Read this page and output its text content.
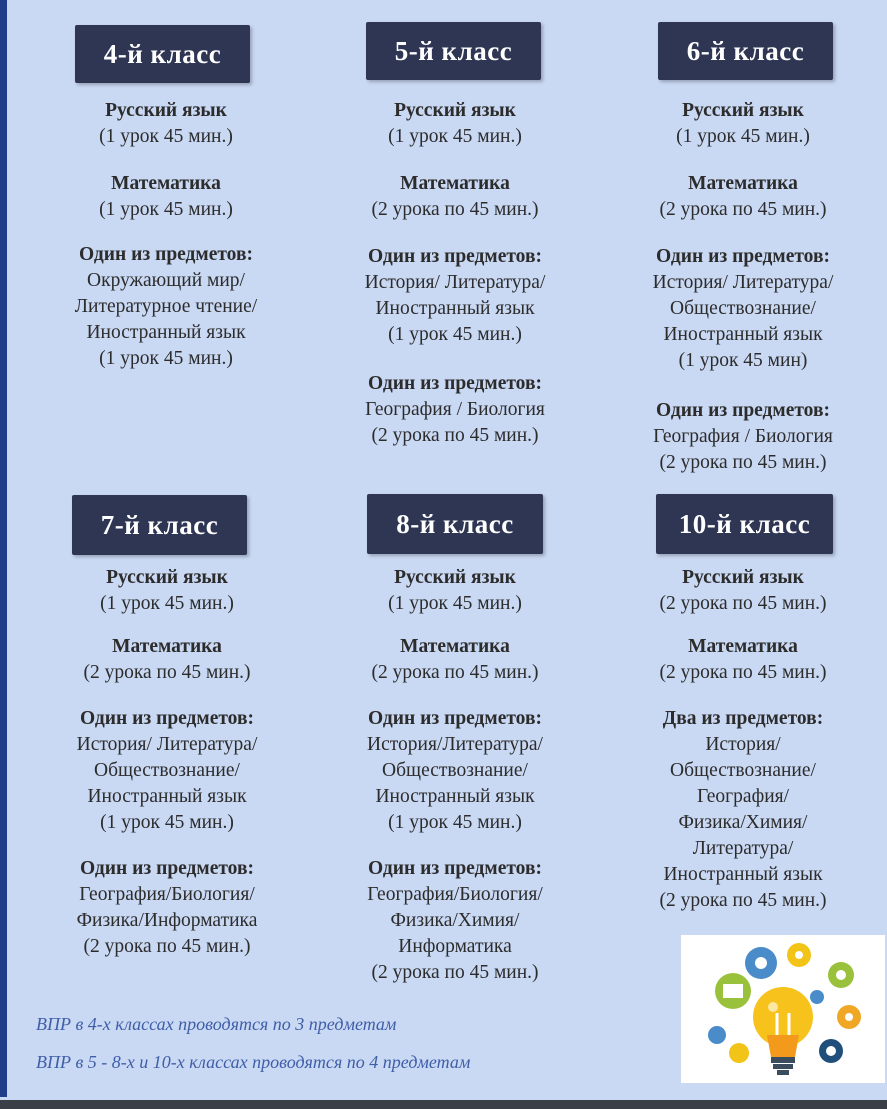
4-й класс	5-й класс	6-й класс
7-й класс	8-й класс	10-й класс
Русский язык
(1 урок 45 мин.)
Математика
(1 урок 45 мин.)
Один из предметов:
Окружающий мир/
Литературное чтение/
Иностранный язык
(1 урок 45 мин.)
Русский язык
(1 урок 45 мин.)
Математика
(2 урока по 45 мин.)
Один из предметов:
История/ Литература/
Иностранный язык
(1 урок 45 мин.)
Один из предметов:
География / Биология
(2 урока по 45 мин.)
Русский язык
(1 урок 45 мин.)
Математика
(2 урока по 45 мин.)
Один из предметов:
История/ Литература/
Обществознание/
Иностранный язык
(1 урок 45 мин)
Один из предметов:
География / Биология
(2 урока по 45 мин.)
Русский язык
(1 урок 45 мин.)
Математика
(2 урока по 45 мин.)
Один из предметов:
История/ Литература/
Обществознание/
Иностранный язык
(1 урок 45 мин.)
Один из предметов:
География/Биология/
Физика/Информатика
(2 урока по 45 мин.)
Русский язык
(1 урок 45 мин.)
Математика
(2 урока по 45 мин.)
Один из предметов:
История/Литература/
Обществознание/
Иностранный язык
(1 урок 45 мин.)
Один из предметов:
География/Биология/
Физика/Химия/
Информатика
(2 урока по 45 мин.)
Русский язык
(2 урока по 45 мин.)
Математика
(2 урока по 45 мин.)
Два из предметов:
История/
Обществознание/
География/
Физика/Химия/
Литература/
Иностранный язык
(2 урока по 45 мин.)
ВПР в 4-х классах проводятся по 3 предметам
ВПР в 5 - 8-х и 10-х классах проводятся по 4 предметам
